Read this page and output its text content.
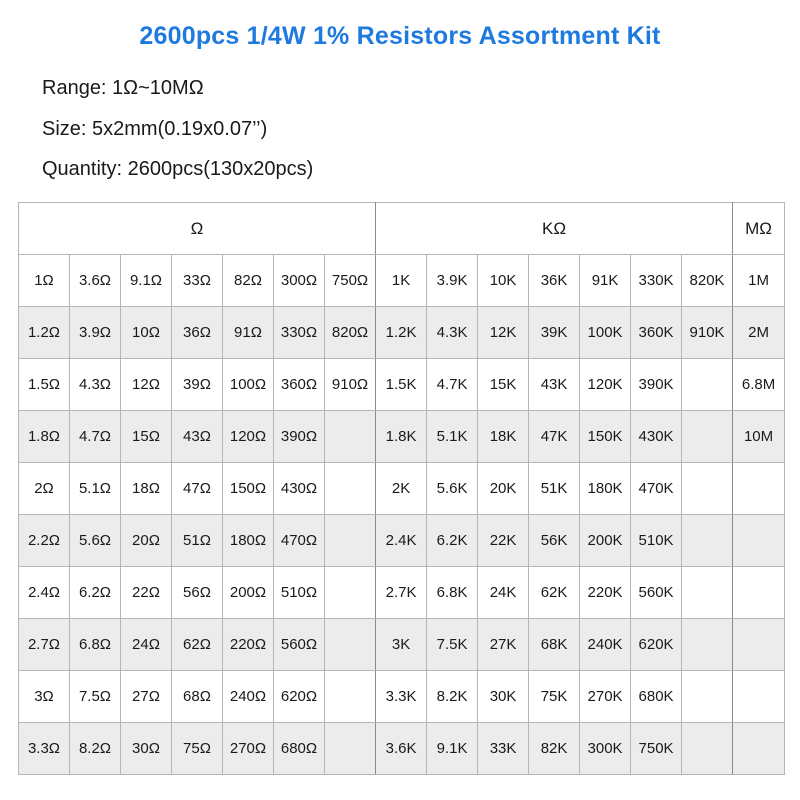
2600pcs 1/4W 1% Resistors Assortment Kit
Range: 1Ω~10MΩ
Size: 5x2mm(0.19x0.07’’)
Quantity: 2600pcs(130x20pcs)
Ω							KΩ							MΩ
1Ω	3.6Ω	9.1Ω	33Ω	82Ω	300Ω	750Ω	1K	3.9K	10K	36K	91K	330K	820K	1M
1.2Ω	3.9Ω	10Ω	36Ω	91Ω	330Ω	820Ω	1.2K	4.3K	12K	39K	100K	360K	910K	2M
1.5Ω	4.3Ω	12Ω	39Ω	100Ω	360Ω	910Ω	1.5K	4.7K	15K	43K	120K	390K		6.8M
1.8Ω	4.7Ω	15Ω	43Ω	120Ω	390Ω		1.8K	5.1K	18K	47K	150K	430K		10M
2Ω	5.1Ω	18Ω	47Ω	150Ω	430Ω		2K	5.6K	20K	51K	180K	470K		
2.2Ω	5.6Ω	20Ω	51Ω	180Ω	470Ω		2.4K	6.2K	22K	56K	200K	510K		
2.4Ω	6.2Ω	22Ω	56Ω	200Ω	510Ω		2.7K	6.8K	24K	62K	220K	560K		
2.7Ω	6.8Ω	24Ω	62Ω	220Ω	560Ω		3K	7.5K	27K	68K	240K	620K		
3Ω	7.5Ω	27Ω	68Ω	240Ω	620Ω		3.3K	8.2K	30K	75K	270K	680K		
3.3Ω	8.2Ω	30Ω	75Ω	270Ω	680Ω		3.6K	9.1K	33K	82K	300K	750K		
